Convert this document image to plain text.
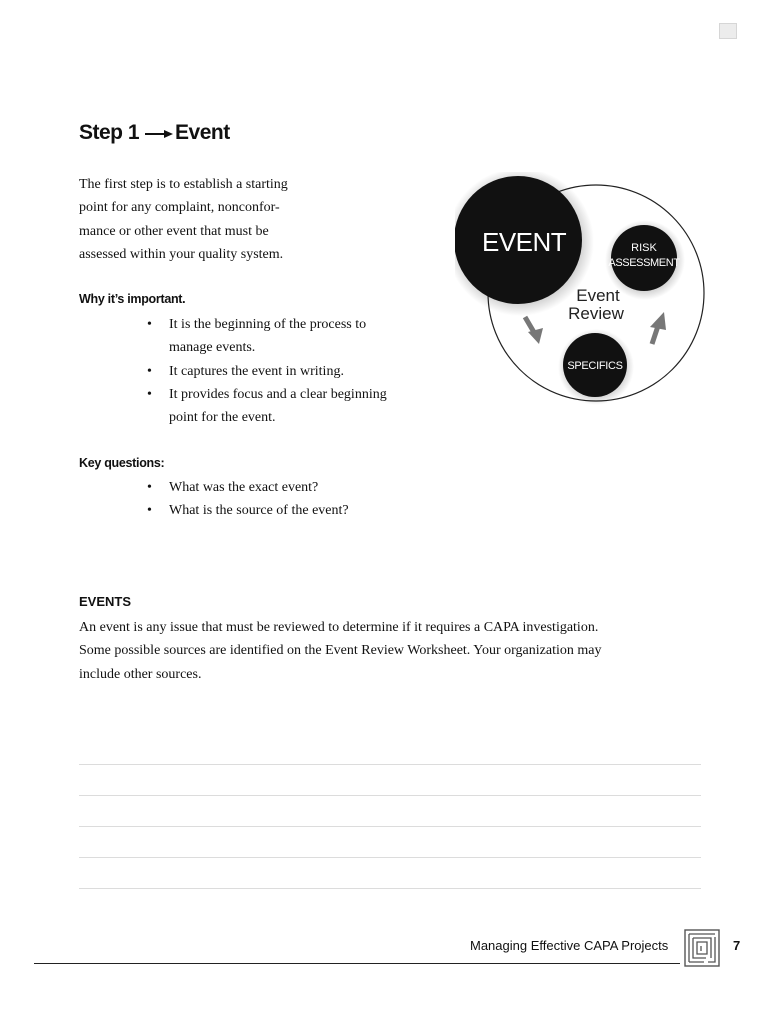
Step 1 Event
The first step is to establish a starting
point for any complaint, nonconfor-
mance or other event that must be
assessed within your quality system.
Why it’s important.
• It is the beginning of the process to
manage events.
• It captures the event in writing.
• It provides focus and a clear beginning
point for the event.
Key questions:
• What was the exact event?
• What is the source of the event?
EVENTS
An event is any issue that must be reviewed to determine if it requires a CAPA investigation.
Some possible sources are identified on the Event Review Worksheet. Your organization may
include other sources.
EVENT	RISK
ASSESSMENT
Event
Review
SPECIFICS
Managing Effective CAPA Projects	7
